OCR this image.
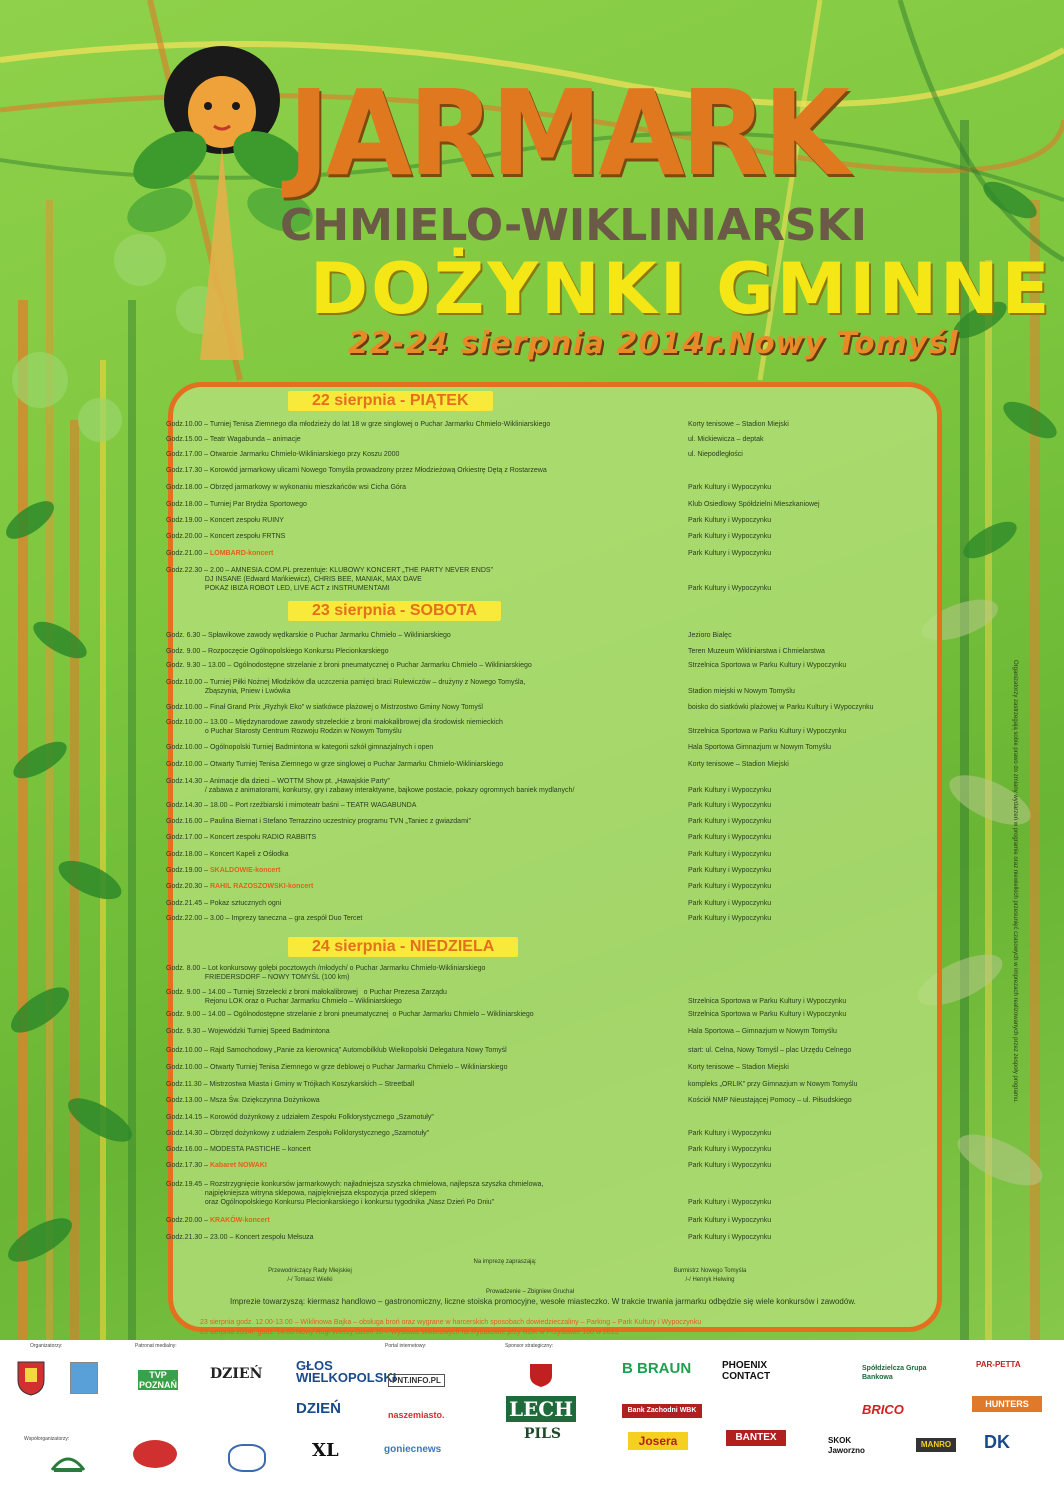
JARMARK
CHMIELO-WIKLINIARSKI
DOŻYNKI GMINNE
22-24 sierpnia 2014r.Nowy Tomyśl
22 sierpnia - PIĄTEK
23 sierpnia - SOBOTA
24 sierpnia - NIEDZIELA
Godz.10.00 – Turniej Tenisa Ziemnego dla młodzieży do lat 18 w grze singlowej o Puchar Jarmarku Chmielo-Wikliniarskiego	Korty tenisowe – Stadion Miejski
Godz.15.00 – Teatr Wagabunda – animacje	ul. Mickiewicza – deptak
Godz.17.00 – Otwarcie Jarmarku Chmielo-Wikliniarskiego przy Koszu 2000	ul. Niepodległości
Godz.17.30 – Korowód jarmarkowy ulicami Nowego Tomyśla prowadzony przez Młodzieżową Orkiestrę Dętą z Rostarzewa
Godz.18.00 – Obrzęd jarmarkowy w wykonaniu mieszkańców wsi Cicha Góra	Park Kultury i Wypoczynku
Godz.18.00 – Turniej Par Brydża Sportowego	Klub Osiedlowy Spółdzielni Mieszkaniowej
Godz.19.00 – Koncert zespołu RUINY	Park Kultury i Wypoczynku
Godz.20.00 – Koncert zespołu FRTNS	Park Kultury i Wypoczynku
Godz.21.00 – LOMBARD-koncert	Park Kultury i Wypoczynku
Godz.22.30 – 2.00 – AMNESIA.COM.PL prezentuje: KLUBOWY KONCERT „THE PARTY NEVER ENDS”
DJ INSANE (Edward Mańkiewicz), CHRIS BEE, MANIAK, MAX DAVE
POKAZ IBIZA ROBOT LED, LIVE ACT z INSTRUMENTAMI	Park Kultury i Wypoczynku
Godz. 6.30 – Spławikowe zawody wędkarskie o Puchar Jarmarku Chmielo – Wikliniarskiego	Jezioro Bialęc
Godz. 9.00 – Rozpoczęcie Ogólnopolskiego Konkursu Plecionkarskiego	Teren Muzeum Wikliniarstwa i Chmielarstwa
Godz. 9.30 – 13.00 – Ogólnodostępne strzelanie z broni pneumatycznej o Puchar Jarmarku Chmielo – Wikliniarskiego	Strzelnica Sportowa w Parku Kultury i Wypoczynku
Godz.10.00 – Turniej Piłki Nożnej Młodzików dla uczczenia pamięci braci Rulewiczów – drużyny z Nowego Tomyśla,
Zbąszynia, Pniew i Lwówka	Stadion miejski w Nowym Tomyślu
Godz.10.00 – Finał Grand Prix „Ryzhyk Eko” w siatkówce plażowej o Mistrzostwo Gminy Nowy Tomyśl	boisko do siatkówki plażowej w Parku Kultury i Wypoczynku
Godz.10.00 – 13.00 – Międzynarodowe zawody strzeleckie z broni małokalibrowej dla środowisk niemieckich
o Puchar Starosty Centrum Rozwoju Rodzin w Nowym Tomyślu	Strzelnica Sportowa w Parku Kultury i Wypoczynku
Godz.10.00 – Ogólnopolski Turniej Badmintona w kategorii szkół gimnazjalnych i open	Hala Sportowa Gimnazjum w Nowym Tomyślu
Godz.10.00 – Otwarty Turniej Tenisa Ziemnego w grze singlowej o Puchar Jarmarku Chmielo-Wikliniarskiego	Korty tenisowe – Stadion Miejski
Godz.14.30 – Animacje dla dzieci – WOTTM Show pt. „Hawajskie Party”
/ zabawa z animatorami, konkursy, gry i zabawy interaktywne, bajkowe postacie, pokazy ogromnych baniek mydlanych/	Park Kultury i Wypoczynku
Godz.14.30 – 18.00 – Port rzeźbiarski i mimoteatr baśni – TEATR WAGABUNDA	Park Kultury i Wypoczynku
Godz.16.00 – Paulina Biernat i Stefano Terrazzino uczestnicy programu TVN „Taniec z gwiazdami”	Park Kultury i Wypoczynku
Godz.17.00 – Koncert zespołu RADIO RABBITS	Park Kultury i Wypoczynku
Godz.18.00 – Koncert Kapeli z Ośłodka	Park Kultury i Wypoczynku
Godz.19.00 – SKALDOWIE-koncert	Park Kultury i Wypoczynku
Godz.20.30 – RAHIL RAZOSZOWSKI-koncert	Park Kultury i Wypoczynku
Godz.21.45 – Pokaz sztucznych ogni	Park Kultury i Wypoczynku
Godz.22.00 – 3.00 – Imprezy taneczna – gra zespół Duo Tercet	Park Kultury i Wypoczynku
Godz. 8.00 – Lot konkursowy gołębi pocztowych /młodych/ o Puchar Jarmarku Chmielo-Wikliniarskiego
FRIEDERSDORF – NOWY TOMYŚL (100 km)
Godz. 9.00 – 14.00 – Turniej Strzelecki z broni małokalibrowej   o Puchar Prezesa Zarządu
Rejonu LOK oraz o Puchar Jarmarku Chmielo – Wikliniarskiego	Strzelnica Sportowa w Parku Kultury i Wypoczynku
Godz. 9.00 – 14.00 – Ogólnodostępne strzelanie z broni pneumatycznej  o Puchar Jarmarku Chmielo – Wikliniarskiego	Strzelnica Sportowa w Parku Kultury i Wypoczynku
Godz. 9.30 – Wojewódzki Turniej Speed Badmintona	Hala Sportowa – Gimnazjum w Nowym Tomyślu
Godz.10.00 – Rajd Samochodowy „Panie za kierownicą” Automobilklub Wielkopolski Delegatura Nowy Tomyśl	start: ul. Celna, Nowy Tomyśl – plac Urzędu Celnego
Godz.10.00 – Otwarty Turniej Tenisa Ziemnego w grze deblowej o Puchar Jarmarku Chmielo – Wikliniarskiego	Korty tenisowe – Stadion Miejski
Godz.11.30 – Mistrzostwa Miasta i Gminy w Trójkach Koszykarskich – Streetball	kompleks „ORLIK” przy Gimnazjum w Nowym Tomyślu
Godz.13.00 – Msza Św. Dziękczynna Dożynkowa	Kościół NMP Nieustającej Pomocy – ul. Piłsudskiego
Godz.14.15 – Korowód dożynkowy z udziałem Zespołu Folklorystycznego „Szamotuły”
Godz.14.30 – Obrzęd dożynkowy z udziałem Zespołu Folklorystycznego „Szamotuły”	Park Kultury i Wypoczynku
Godz.16.00 – MODESTA PASTICHE – koncert	Park Kultury i Wypoczynku
Godz.17.30 – Kabaret NOWAKI	Park Kultury i Wypoczynku
Godz.19.45 – Rozstrzygnięcie konkursów jarmarkowych: najładniejsza szyszka chmielowa, najlepsza szyszka chmielowa,
najpiękniejsza witryna sklepowa, najpiękniejsza ekspozycja przed sklepem
oraz Ogólnopolskiego Konkursu Plecionkarskiego i konkursu tygodnika „Nasz Dzień Po Dniu”	Park Kultury i Wypoczynku
Godz.20.00 – KRAKÓW-koncert	Park Kultury i Wypoczynku
Godz.21.30 – 23.00 – Koncert zespołu Mełsuza	Park Kultury i Wypoczynku
Na imprezę zapraszają:
Przewodniczący Rady Miejskiej
/-/ Tomasz Wielki
Burmistrz Nowego Tomyśla
/-/ Henryk Helwing
Prowadzenie – Zbigniew Gruchał
Imprezie towarzyszą: kiermasz handlowo – gastronomiczny, liczne stoiska promocyjne, wesołe miasteczko. W trakcie trwania jarmarku odbędzie się wiele konkursów i zawodów.
23 sierpnia godz. 12.00-13.00 – Wiklinowa Bajka – obsługa broń oraz wygrane w harcerskich sposobach dowiedzieczaliny – Parking – Park Kultury i Wypoczynku
23 sierpnia 2014r. godz. 14.00 Nowy Rogi Wierzy Dzień 10 – Wystawa Wiklinowych na Rybakowie przy NOK w Przystawie 100 w 2013
Organizatorzy zastrzegają sobie prawo do zmiany wydarzeń w programie oraz niewielkich przesunięć czasowych w imprezach realizowanych przez zespoły programu.
Organizatorzy:	Patronat medialny:	Portal internetowy:	Sponsor strategiczny:
Współorganizatorzy:
TVP POZNAŃ
DZIEŃ
GŁOS WIELKOPOLSKI
PNT.INFO.PL
DZIEŃ	naszemiasto.
XL	goniecnews
LECH
PILS
B BRAUN	PHOENIX CONTACT
Bank Zachodni WBK	BRICO
Josera	BANTEX	SKOK Jaworzno
MANRO
HUNTERS
DK
Spółdzielcza Grupa Bankowa
PAR-PETTA
